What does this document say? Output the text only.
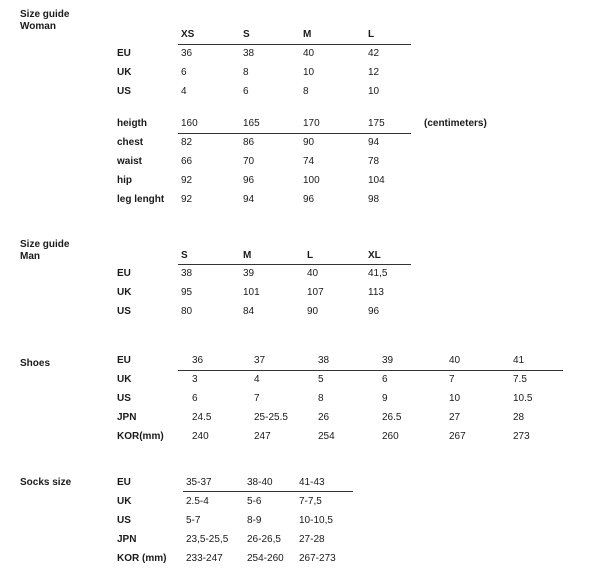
Size guide
Woman
XS	S	M	L
EU	36	38	40	42
UK	6	8	10	12
US	4	6	8	10
heigth	160	165	170	175	(centimeters)
chest	82	86	90	94
waist	66	70	74	78
hip	92	96	100	104
leg lenght 92	94	96	98
Size guide
Man	S	M	L	XL
EU	38	39	40	41,5
UK	95	101	107	113
US	80	84	90	96
Shoes	EU	36	37	38	39	40	41
UK	3	4	5	6	7	7.5
US	6	7	8	9	10	10.5
JPN	24.5	25-25.5	26	26.5	27	28
KOR(mm)	240	247	254	260	267	273
Socks size	EU	35-37	38-40	41-43
UK	2.5-4	5-6	7-7,5
US	5-7	8-9	10-10,5
JPN	23,5-25,5 26-26,5 27-28
KOR (mm) 233-247 254-260 267-273
